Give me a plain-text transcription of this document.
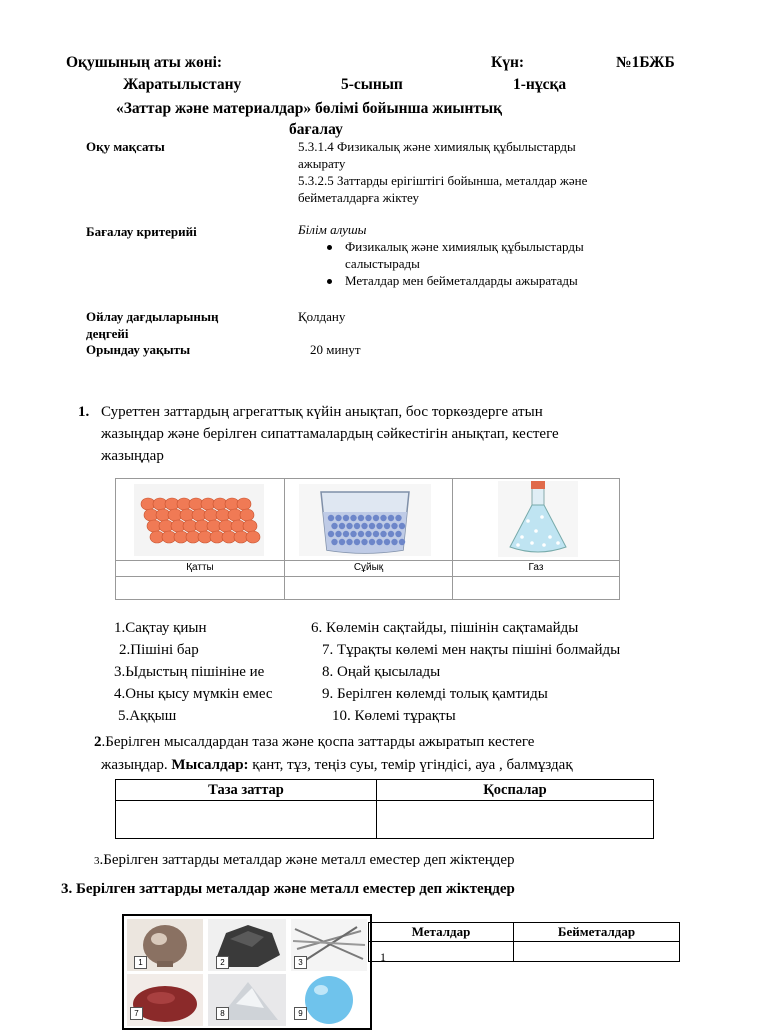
Оқушының аты жөні:	Күн:	№1БЖБ
Жаратылыстану	5-сынып	1-нұсқа
«Заттар және материалдар» бөлімі бойынша жиынтық
бағалау
Оқу мақсаты	5.3.1.4 Физикалық және химиялық құбылыстарды
ажырату
5.3.2.5 Заттарды ерігіштігі бойынша, металдар және
бейметалдарға жіктеу
Бағалау критерийі	Білім алушы
Физикалық және химиялық құбылыстарды
салыстырады
Металдар мен бейметалдарды ажыратады
Ойлау дағдыларының
деңгейі
Қолдану
Орындау уақыты	20 минут
1. Суреттен заттардың агрегаттық күйін анықтап, бос торкөздерге атын
жазыңдар және берілген сипаттамалардың сәйкестігін анықтап, кестеге
жазыңдар
Қатты	Сұйық	Газ
1.Сақтау қиын
2.Пішіні бар
3.Ыдыстың пішініне ие
4.Оны қысу мүмкін емес
5.Аққыш
6. Көлемін сақтайды, пішінін сақтамайды
7. Тұрақты көлемі мен нақты пішіні болмайды
8. Оңай қысылады
9. Берілген көлемді толық қамтиды
10. Көлемі тұрақты
2.Берілген мысалдардан таза және қоспа заттарды ажыратып кестеге
жазыңдар. Мысалдар: қант, тұз, теңіз суы, темір үгіндісі, ауа , балмұздақ
Таза заттар	Қоспалар

3.Берілген заттарды металдар және металл еместер деп жіктеңдер
3. Берілген заттарды металдар және металл еместер деп жіктеңдер
1	2	3
7	8	9
Металдар	Бейметалдар

1
